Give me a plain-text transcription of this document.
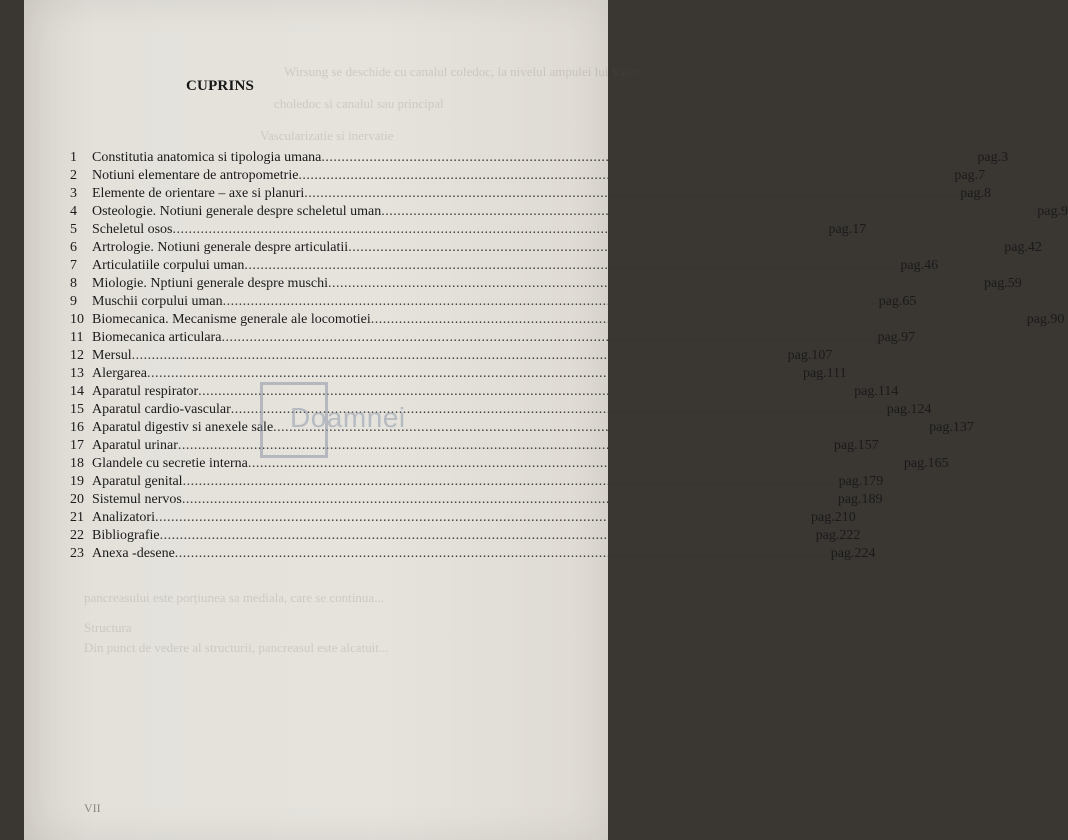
Wirsung se deschide cu canalul coledoc, la nivelul ampulei lui Vater...
choledoc si canalul sau principal
Vascularizatie si inervatie
pancreasului este porțiunea sa mediala, care se continua...
Structura
Din punct de vedere al structurii, pancreasul este alcatuit...
CUPRINS
1	Constitutia anatomica si tipologia umana .....	pag.3
2	Notiuni elementare de antropometrie .....	pag.7
3	Elemente de orientare – axe si planuri .....	pag.8
4	Osteologie. Notiuni generale despre scheletul uman .....	pag.9
5	Scheletul osos .....	pag.17
6	Artrologie. Notiuni generale despre articulatii .....	pag.42
7	Articulatiile corpului uman .....	pag.46
8	Miologie. Nptiuni generale despre muschi .....	pag.59
9	Muschii corpului uman .....	pag.65
10 Biomecanica. Mecanisme generale ale locomotiei .....	pag.90
11 Biomecanica articulara .....	pag.97
12 Mersul .....	pag.107
13 Alergarea .....	pag.111
14 Aparatul respirator .....	pag.114
15 Aparatul cardio-vascular .....	pag.124
16 Aparatul digestiv si anexele sale .....	pag.137
17 Aparatul urinar .....	pag.157
18 Glandele cu secretie interna .....	pag.165
19 Aparatul genital .....	pag.179
20 Sistemul nervos .....	pag.189
21 Analizatori .....	pag.210
22 Bibliografie .....	pag.222
23 Anexa -desene .....	pag.224
Doamnei
VII
